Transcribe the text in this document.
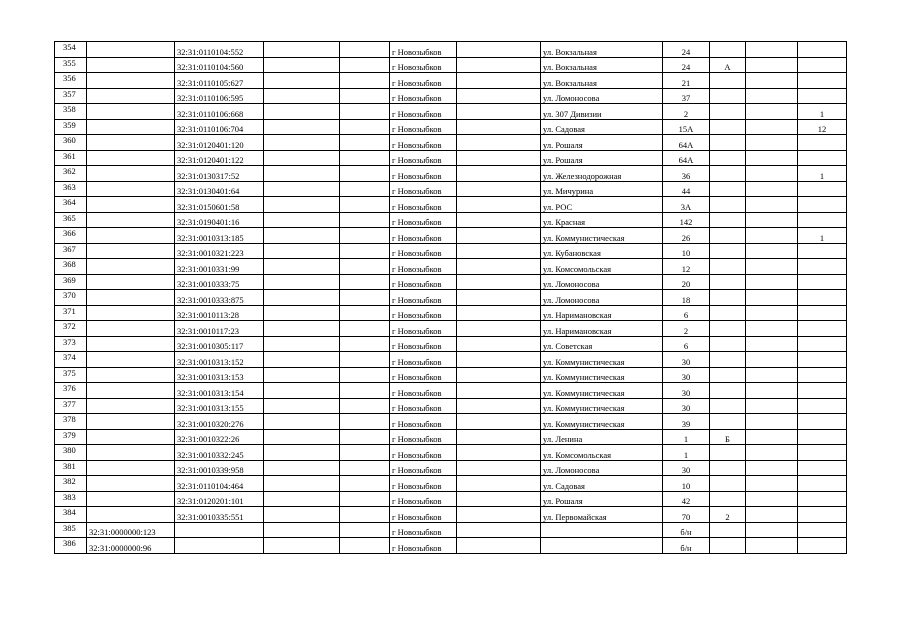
354		32:31:0110104:552			г Новозыбков		ул. Вокзальная	24			
355		32:31:0110104:560			г Новозыбков		ул. Вокзальная	24	А		
356		32:31:0110105:627			г Новозыбков		ул. Вокзальная	21			
357		32:31:0110106:595			г Новозыбков		ул. Ломоносова	37			
358		32:31:0110106:668			г Новозыбков		ул. 307 Дивизии	2			1
359		32:31:0110106:704			г Новозыбков		ул. Садовая	15А			12
360		32:31:0120401:120			г Новозыбков		ул. Рошаля	64А			
361		32:31:0120401:122			г Новозыбков		ул. Рошаля	64А			
362		32:31:0130317:52			г Новозыбков		ул. Железнодорожная	36			1
363		32:31:0130401:64			г Новозыбков		ул. Мичурина	44			
364		32:31:0150601:58			г Новозыбков		ул. РОС	3А			
365		32:31:0190401:16			г Новозыбков		ул. Красная	142			
366		32:31:0010313:185			г Новозыбков		ул. Коммунистическая	26			1
367		32:31:0010321:223			г Новозыбков		ул. Кубановская	10			
368		32:31:0010331:99			г Новозыбков		ул. Комсомольская	12			
369		32:31:0010333:75			г Новозыбков		ул. Ломоносова	20			
370		32:31:0010333:875			г Новозыбков		ул. Ломоносова	18			
371		32:31:0010113:28			г Новозыбков		ул. Наримановская	6			
372		32:31:0010117:23			г Новозыбков		ул. Наримановская	2			
373		32:31:0010305:117			г Новозыбков		ул. Советская	6			
374		32:31:0010313:152			г Новозыбков		ул. Коммунистическая	30			
375		32:31:0010313:153			г Новозыбков		ул. Коммунистическая	30			
376		32:31:0010313:154			г Новозыбков		ул. Коммунистическая	30			
377		32:31:0010313:155			г Новозыбков		ул. Коммунистическая	30			
378		32:31:0010320:276			г Новозыбков		ул. Коммунистическая	39			
379		32:31:0010322:26			г Новозыбков		ул. Ленина	1	Б		
380		32:31:0010332:245			г Новозыбков		ул. Комсомольская	1			
381		32:31:0010339:958			г Новозыбков		ул. Ломоносова	30			
382		32:31:0110104:464			г Новозыбков		ул. Садовая	10			
383		32:31:0120201:101			г Новозыбков		ул. Рошаля	42			
384		32:31:0010335:551			г Новозыбков		ул. Первомайская	70	2		
385	32:31:0000000:123				г Новозыбков			б/н			
386	32:31:0000000:96				г Новозыбков			б/н			
